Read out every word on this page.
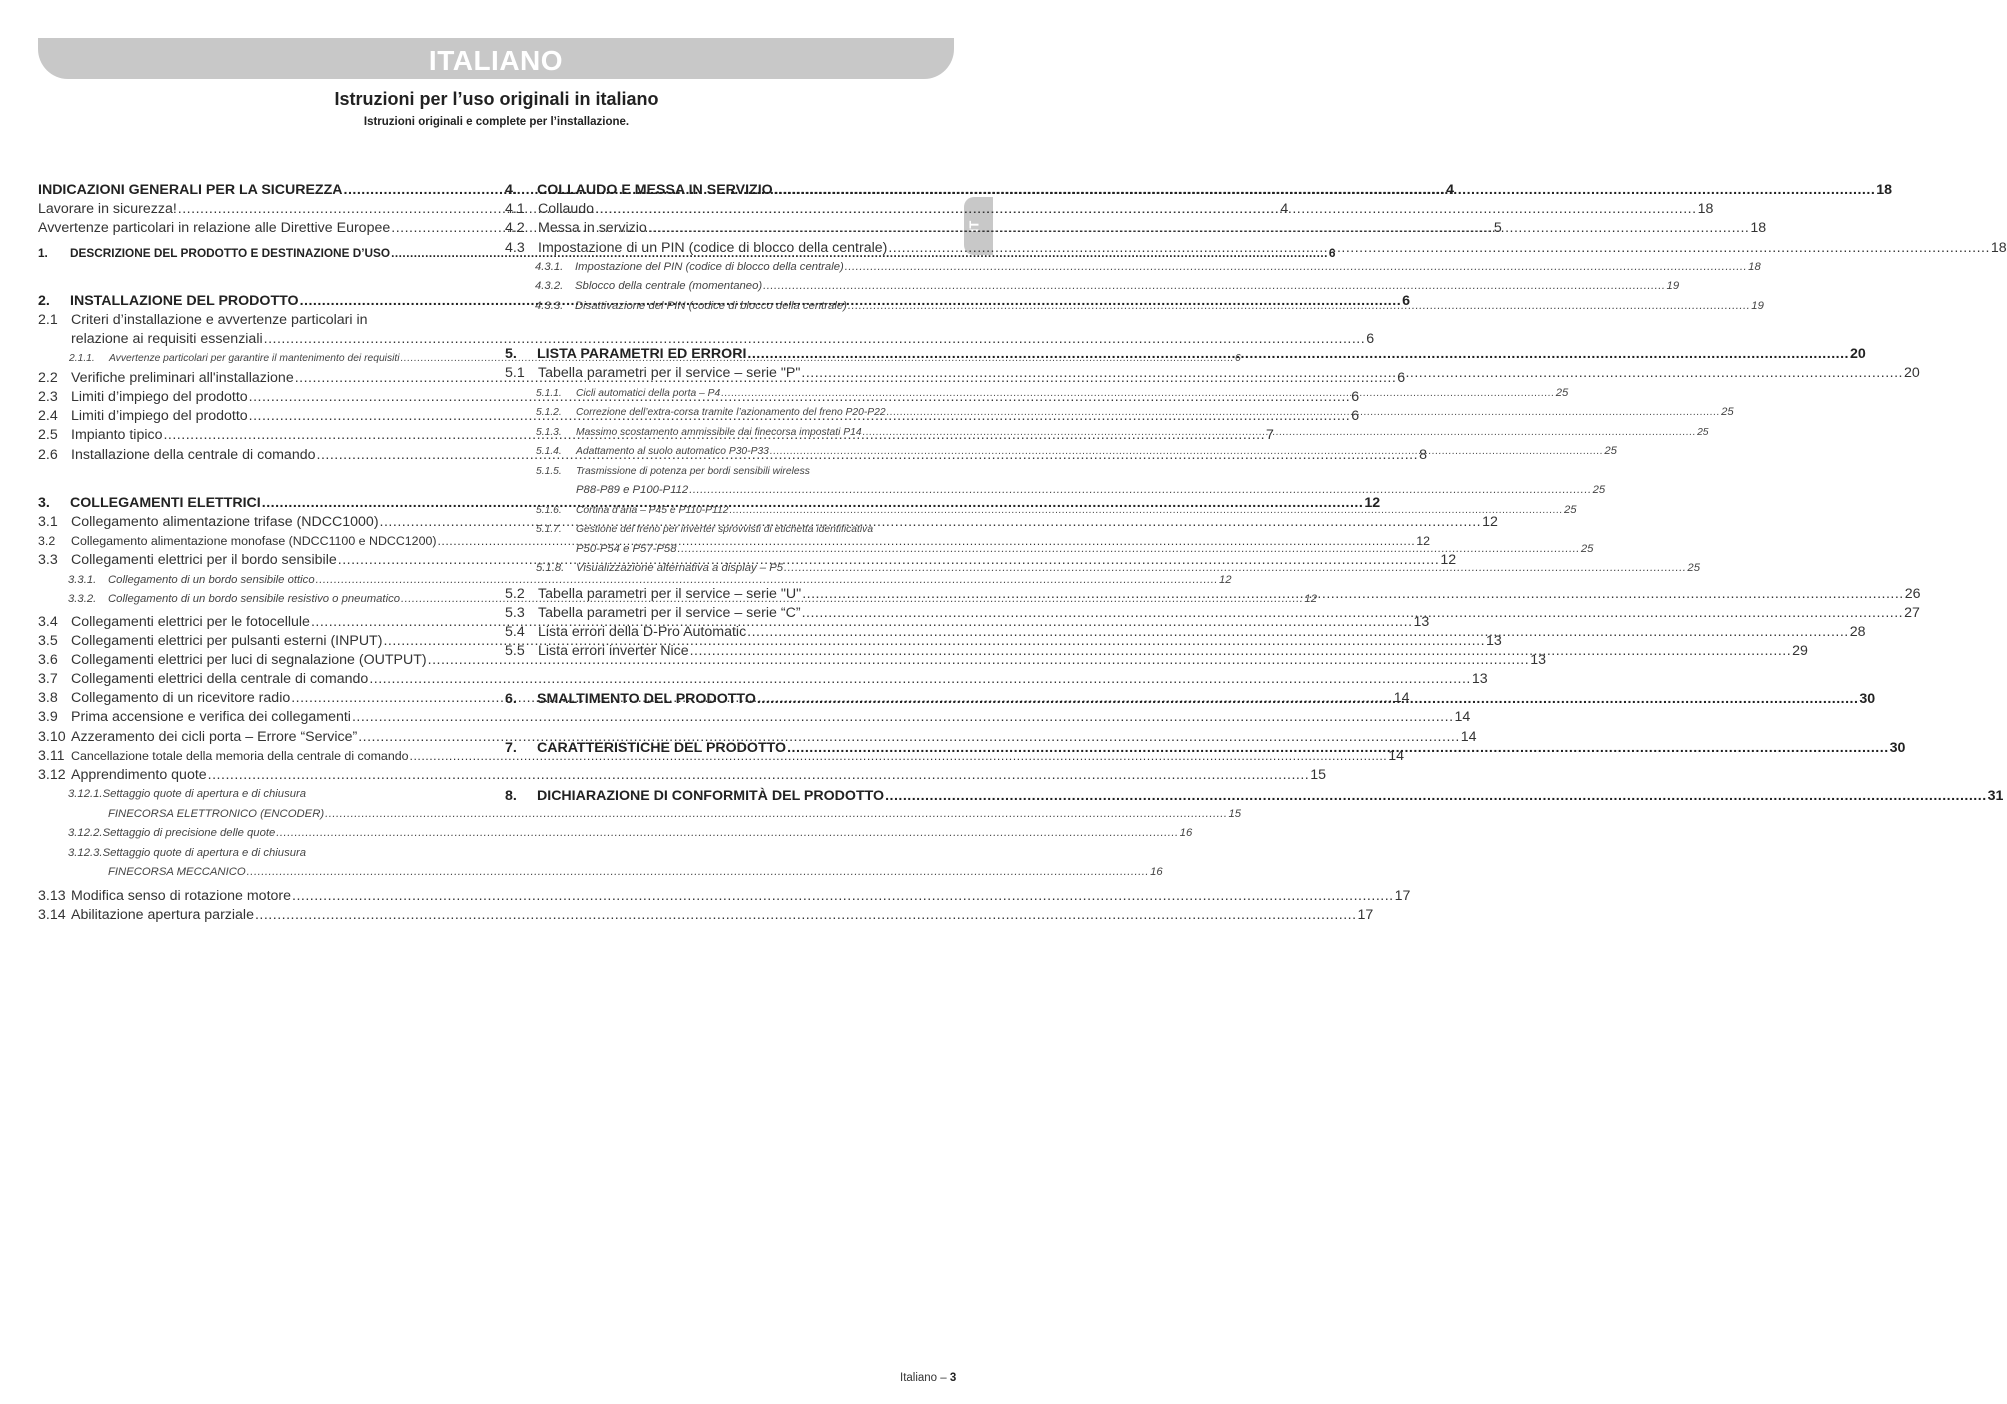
ITALIANO
IT
Istruzioni per l’uso originali in italiano
Istruzioni originali e complete per l’installazione.
INDICAZIONI GENERALI PER LA SICUREZZA .....	4
Lavorare in sicurezza! .....	4
Avvertenze particolari in relazione alle Direttive Europee .....	5
1.	DESCRIZIONE DEL PRODOTTO E DESTINAZIONE D’USO .....	6
2.	INSTALLAZIONE DEL PRODOTTO .....	6
2.1 Criteri d’installazione e avvertenze particolari in
relazione ai requisiti essenziali .....	6
2.1.1.	Avvertenze particolari per garantire il mantenimento dei requisiti .....	6
2.2 Verifiche preliminari all'installazione .....	6
2.3 Limiti d’impiego del prodotto .....	6
2.4 Limiti d’impiego del prodotto .....	6
2.5 Impianto tipico .....	7
2.6 Installazione della centrale di comando .....	8
3.	COLLEGAMENTI ELETTRICI .....	12
3.1 Collegamento alimentazione trifase (NDCC1000) .....	12
3.2	Collegamento alimentazione monofase (NDCC1100 e NDCC1200) .....	12
3.3 Collegamenti elettrici per il bordo sensibile .....	12
3.3.1.	Collegamento di un bordo sensibile ottico .....	12
3.3.2.	Collegamento di un bordo sensibile resistivo o pneumatico .....	12
3.4 Collegamenti elettrici per le fotocellule .....	13
3.5 Collegamenti elettrici per pulsanti esterni (INPUT) .....	13
3.6 Collegamenti elettrici per luci di segnalazione (OUTPUT) .....	13
3.7 Collegamenti elettrici della centrale di comando .....	13
3.8 Collegamento di un ricevitore radio .....	14
3.9 Prima accensione e verifica dei collegamenti .....	14
3.10 Azzeramento dei cicli porta – Errore “Service” .....	14
3.11 Cancellazione totale della memoria della centrale di comando .....	14
3.12 Apprendimento quote .....	15
3.12.1. Settaggio quote di apertura e di chiusura
FINECORSA ELETTRONICO (ENCODER) .....	15
3.12.2. Settaggio di precisione delle quote .....	16
3.12.3. Settaggio quote di apertura e di chiusura
FINECORSA MECCANICO .....	16
3.13 Modifica senso di rotazione motore .....	17
3.14 Abilitazione apertura parziale .....	17
4.	COLLAUDO E MESSA IN SERVIZIO .....	18
4.1 Collaudo .....	18
4.2 Messa in servizio .....	18
4.3 Impostazione di un PIN (codice di blocco della centrale) .....	18
4.3.1.	Impostazione del PIN (codice di blocco della centrale) .....	18
4.3.2.	Sblocco della centrale (momentaneo) .....	19
4.3.3.	Disattivazione del PIN (codice di blocco della centrale) .....	19
5.	LISTA PARAMETRI ED ERRORI .....	20
5.1 Tabella parametri per il service – serie "P" .....	20
5.1.1.	Cicli automatici della porta – P4 .....	25
5.1.2.	Correzione dell’extra-corsa tramite l’azionamento del freno P20-P22 .....	25
5.1.3.	Massimo scostamento ammissibile dai finecorsa impostati P14 .....	25
5.1.4.	Adattamento al suolo automatico P30-P33 .....	25
5.1.5.	Trasmissione di potenza per bordi sensibili wireless
P88-P89 e P100-P112 .....	25
5.1.6.	Cortina d’aria – P45 e P110-P112 .....	25
5.1.7.	Gestione del freno per inverter sprovvisti di etichetta identificativa
P50-P54 e P57-P58 .....	25
5.1.8.	Visualizzazione alternativa a display – P5 .....	25
5.2 Tabella parametri per il service – serie "U" .....	26
5.3 Tabella parametri per il service – serie “C” .....	27
5.4 Lista errori della D-Pro Automatic .....	28
5.5 Lista errori inverter Nice .....	29
6.	SMALTIMENTO DEL PRODOTTO .....	30
7.	CARATTERISTICHE DEL PRODOTTO .....	30
8.	DICHIARAZIONE DI CONFORMITÀ DEL PRODOTTO .....	31
Italiano – 3
